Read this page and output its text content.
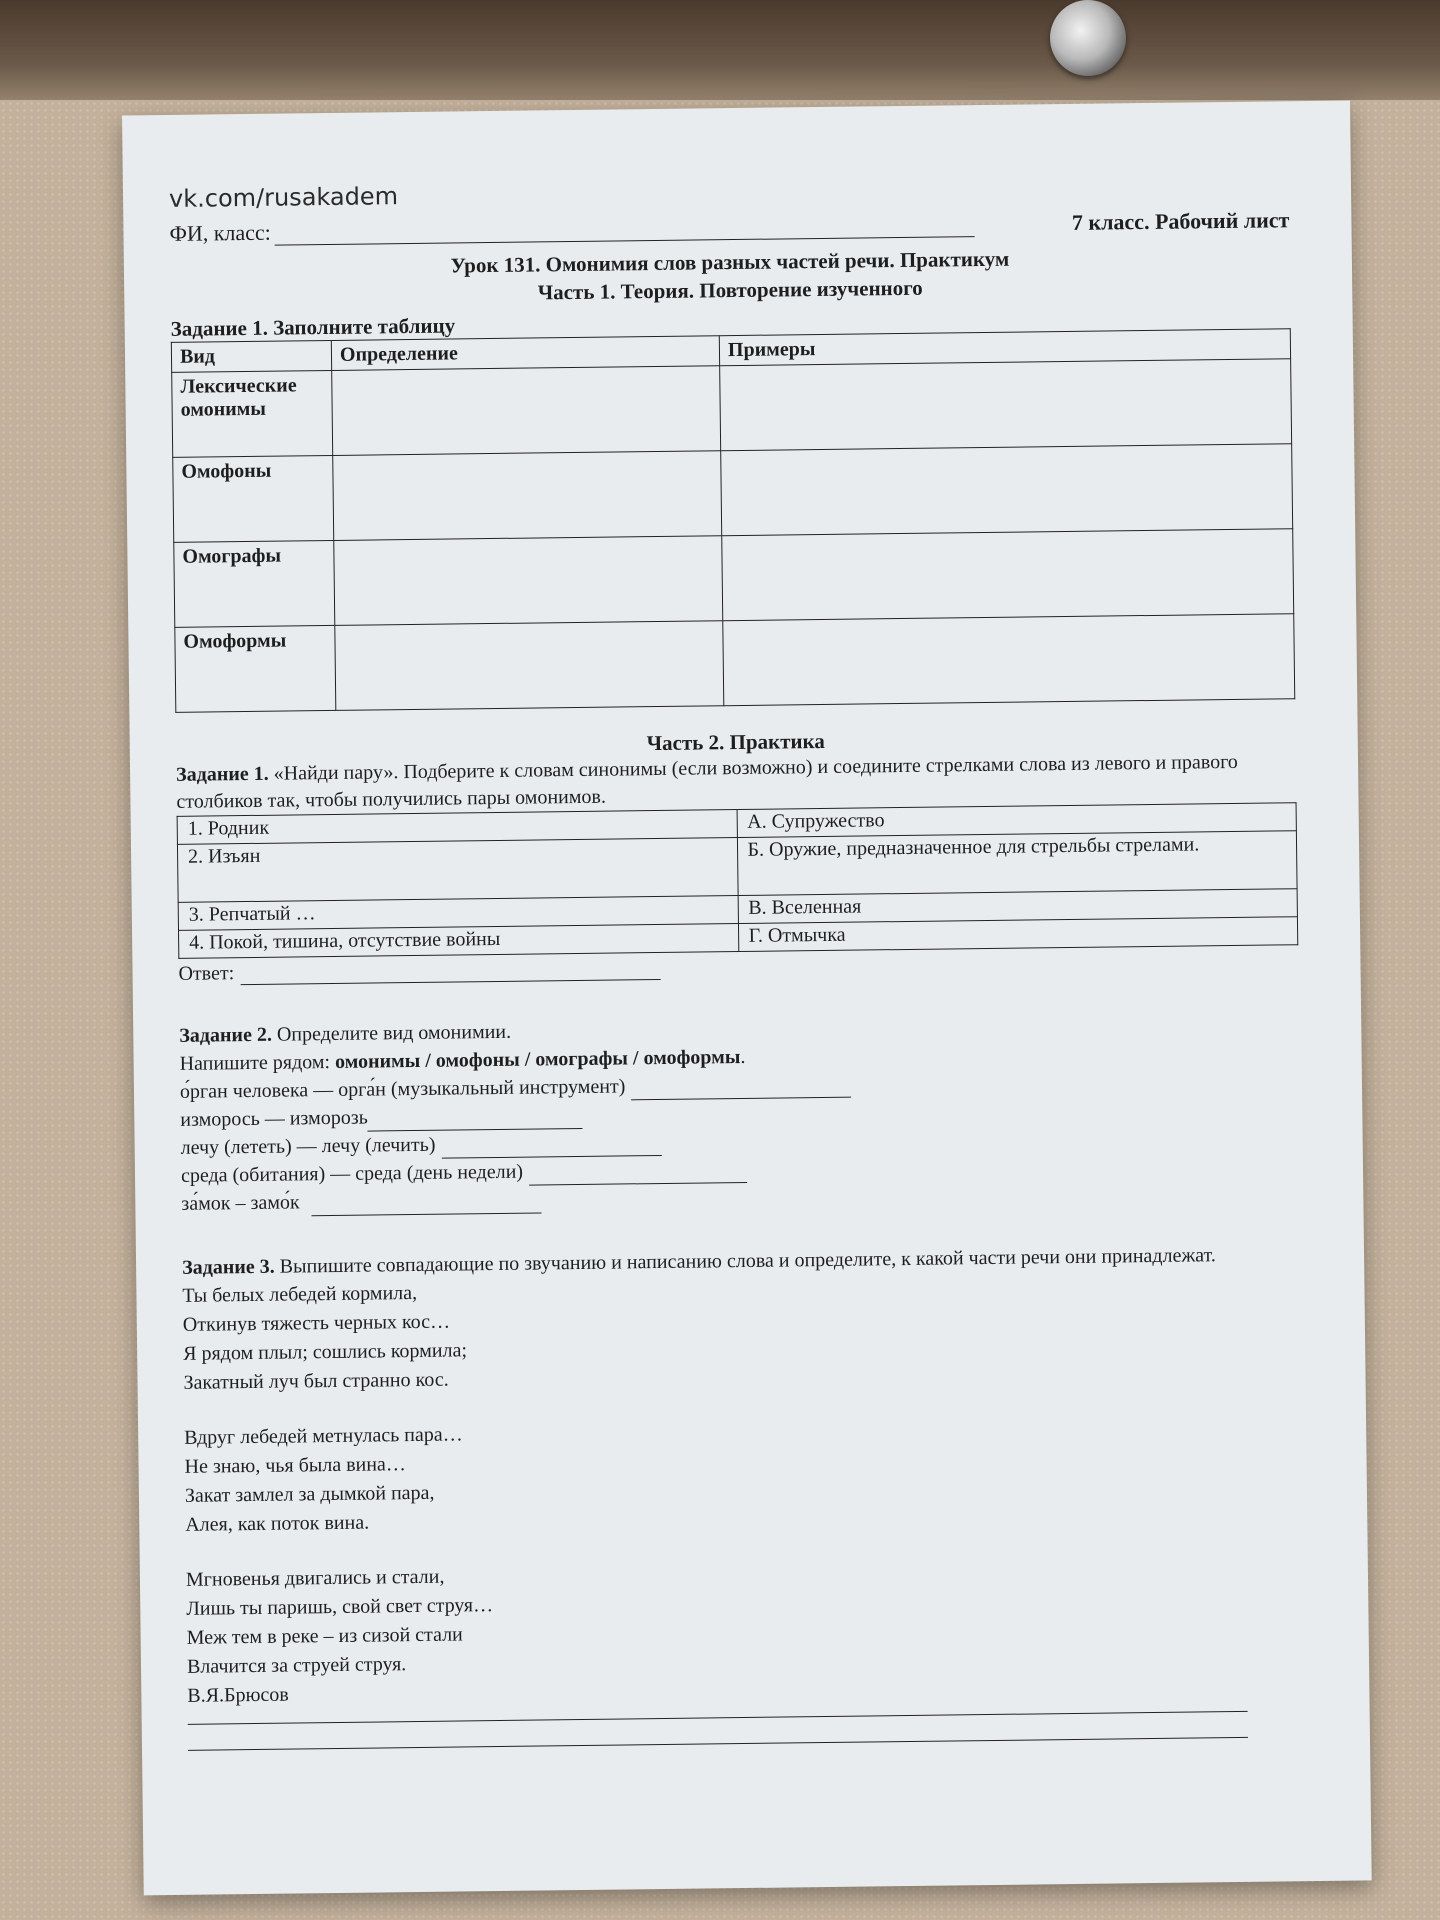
vk.com/rusakadem
ФИ, класс:	7 класс. Рабочий лист
Урок 131. Омонимия слов разных частей речи. Практикум
Часть 1. Теория. Повторение изученного
Задание 1. Заполните таблицу
Вид	Определение	Примеры
Лексические омонимы		
Омофоны		
Омографы		
Омоформы		
Часть 2. Практика
Задание 1. «Найди пару». Подберите к словам синонимы (если возможно) и соедините стрелками слова из левого и правого столбиков так, чтобы получились пары омонимов.
1. Родник	А. Супружество
2. Изъян	Б. Оружие, предназначенное для стрельбы стрелами.
3. Репчатый …	В. Вселенная
4. Покой, тишина, отсутствие войны	Г. Отмычка
Ответ:
Задание 2. Определите вид омонимии.
Напишите рядом: омонимы / омофоны / омографы / омоформы.
о́рган человека — орга́н (музыкальный инструмент)
изморось — изморозь
лечу (лететь) — лечу (лечить)
среда (обитания) — среда (день недели)
за́мок – замо́к
Задание 3. Выпишите совпадающие по звучанию и написанию слова и определите, к какой части речи они принадлежат.
Ты белых лебедей кормила,
Откинув тяжесть черных кос…
Я рядом плыл; сошлись кормила;
Закатный луч был странно кос.
Вдруг лебедей метнулась пара…
Не знаю, чья была вина…
Закат замлел за дымкой пара,
Алея, как поток вина.
Мгновенья двигались и стали,
Лишь ты паришь, свой свет струя…
Меж тем в реке – из сизой стали
Влачится за струей струя.
В.Я.Брюсов
